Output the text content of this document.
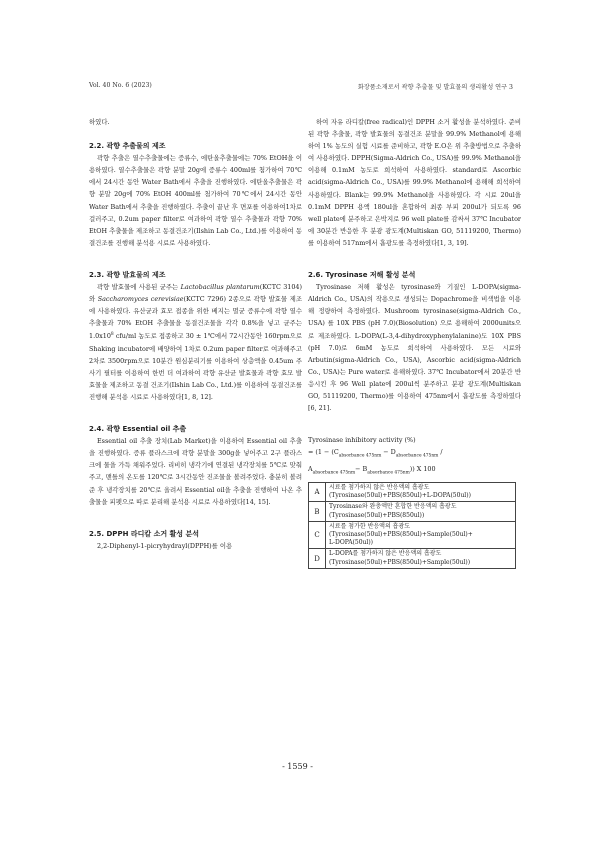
Vol. 40 No. 6 (2023)	화장품소재로서 곽향 추출물 및 발효물의 생리활성 연구 3

하였다.

2.2. 곽향 추출물의 제조

곽향 추출은 열수추출물에는 증류수, 에탄올추출물에는 70% EtOH을 이용하였다. 열수추출물은 곽향 분말 20g에 증류수 400ml를 첨가하여 70℃에서 24시간 동안 Water Bath에서 추출을 진행하였다. 에탄올추출물은 곽향 분말 20g에 70% EtOH 400ml를 첨가하여 70℃에서 24시간 동안 Water Bath에서 추출을 진행하였다. 추출이 끝난 후 면포를 이용하여1차로 걸러주고, 0.2um paper filter로 여과하여 곽향 열수 추출물과 곽향 70% EtOH 추출물을 제조하고 동결건조기(Ilshin Lab Co., Ltd.)를 이용하여 동결건조를 진행해 분석용 시료로 사용하였다.

2.3. 곽향 발효물의 제조

곽향 발효물에 사용된 균주는 Lactobacillus plantarum(KCTC 3104)와 Saccharomyces cerevisiae(KCTC 7296) 2종으로 곽향 발효물 제조에 사용하였다. 유산균과 효모 접종을 위한 베지는 멸균 증류수에 곽향 열수추출물과 70% EtOH 추출물을 동결건조물을 각각 0.8%을 넣고 균주는 $1.0x10^8$ cfu/ml 농도로 접종하고 30 ± 1℃에서 72시간동안 160rpm으로 Shaking incubator에 배양하여 1차로 0.2um paper filter로 여과해주고 2차로 3500rpm으로 10분간 원심분리기를 이용하여 상층액을 0.45um 주사기 필터를 이용하여 한번 더 여과하여 곽향 유산균 발효물과 곽향 효모 발효물을 제조하고 동결 건조기(Ilshin Lab Co., Ltd.)를 이용하여 동결건조를 진행해 분석용 시료로 사용하였다[1, 8, 12].

2.4. 곽향 Essential oil 추출

Essential oil 추출 장치(Lab Market)을 이용하여 Essential oil 추출을 진행하였다. 증류 플라스크에 곽향 분말을 300g을 넣어주고 2구 플라스크에 물을 가득 채워주었다. 리비히 냉각기에 연결된 냉각장치를 5℃로 맞춰주고, 맨틀의 온도를 120℃로 3시간동안 진조물을 볼려주었다. 충분히 볼려준 후 냉각장치를 20℃로 올려서 Essential oil을 추출을 진행하여 나온 추출물을 피펫으로 따로 분리해 분석용 시료로 사용하였다[14, 15].

2.5. DPPH 라디칼 소거 활성 분석

2,2-Diphenyl-1-picryhydrayl(DPPH)를 이용

하여 자유 라디칼(free radical)인 DPPH 소거 활성을 분석하였다. 준비된 곽향 추출물, 곽향 발효물의 동결건조 분말을 99.9% Methanol에 용해하여 1% 농도의 실험 시료를 준비하고, 곽향 E.O은 위 추출방법으로 추출하여 사용하였다. DPPH(Sigma-Aldrich Co., USA)를 99.9% Methanol을 이용해 0.1mM 농도로 희석하여 사용하였다. standard로 Ascorbic acid(sigma-Aldrich Co., USA)를 99.9% Methanol에 용해해 희석하여 사용하였다. Blank는 99.9% Methanol을 사용하였다. 각 시료 20ul을 0.1mM DPPH 용액 180ul을 혼합하여 최종 부피 200ul가 되도록 96 well plate에 분주하고 은박지로 96 well plate를 감싸서 37℃ Incubator에 30분간 반응한 후 분광 광도계(Multiskan GO, 51119200, Thermo)를 이용하여 517nm에서 흡광도를 측정하였다[1, 3, 19].

2.6. Tyrosinase 저해 활성 분석

Tyrosinase 저해 활성은 tyrosinase와 기질인 L-DOPA(sigma-Aldrich Co., USA)의 작용으로 생성되는 Dopachrome을 비색법을 이용해 정량하여 측정하였다. Mushroom tyrosinase(sigma-Aldrich Co., USA) 를 10X PBS (pH 7.0)(Biosolution) 으로 용해하여 2000units으로 제조하였다. L-DOPA(L-3,4-dihydroxyphenylalanine)도 10X PBS (pH 7.0)로 6mM 농도로 희석하여 사용하였다. 모든 시료와 Arbutin(sigma-Aldrich Co., USA), Ascorbic acid(sigma-Aldrich Co., USA)는 Pure water로 용해하였다. 37℃ Incubator에서 20분간 반응시킨 후 96 Well plate에 200ul씩 분주하고 분광 광도계(Multiskan GO, 51119200, Thermo)를 이용하여 475nm에서 흡광도를 측정하였다[6, 21].

Tyrosinase inhibitory activity (%)

= ($1 - (C_{absorbance 475nm} - D_{absorbance 475nm}$ /

$A_{absorbance 475nm}- B_{absorbance 475nm}$)) X 100

A	시료를 첨가하지 않은 반응액의 흡광도
(Tyrosinase(50ul)+PBS(850ul)+L-DOPA(50ul))

B	Tyrosinase와 완충액만 혼합한 반응액의 흡광도
(Tyrosinase(50ul)+PBS(850ul))

C	시료를 첨가한 반응액의 흡광도
(Tyrosinase(50ul)+PBS(850ul)+Sample(50ul)+
L-DOPA(50ul))

D	L-DOPA를 첨가하지 않은 반응액의 흡광도
(Tyrosinase(50ul)+PBS(850ul)+Sample(50ul))
- 1559 -
